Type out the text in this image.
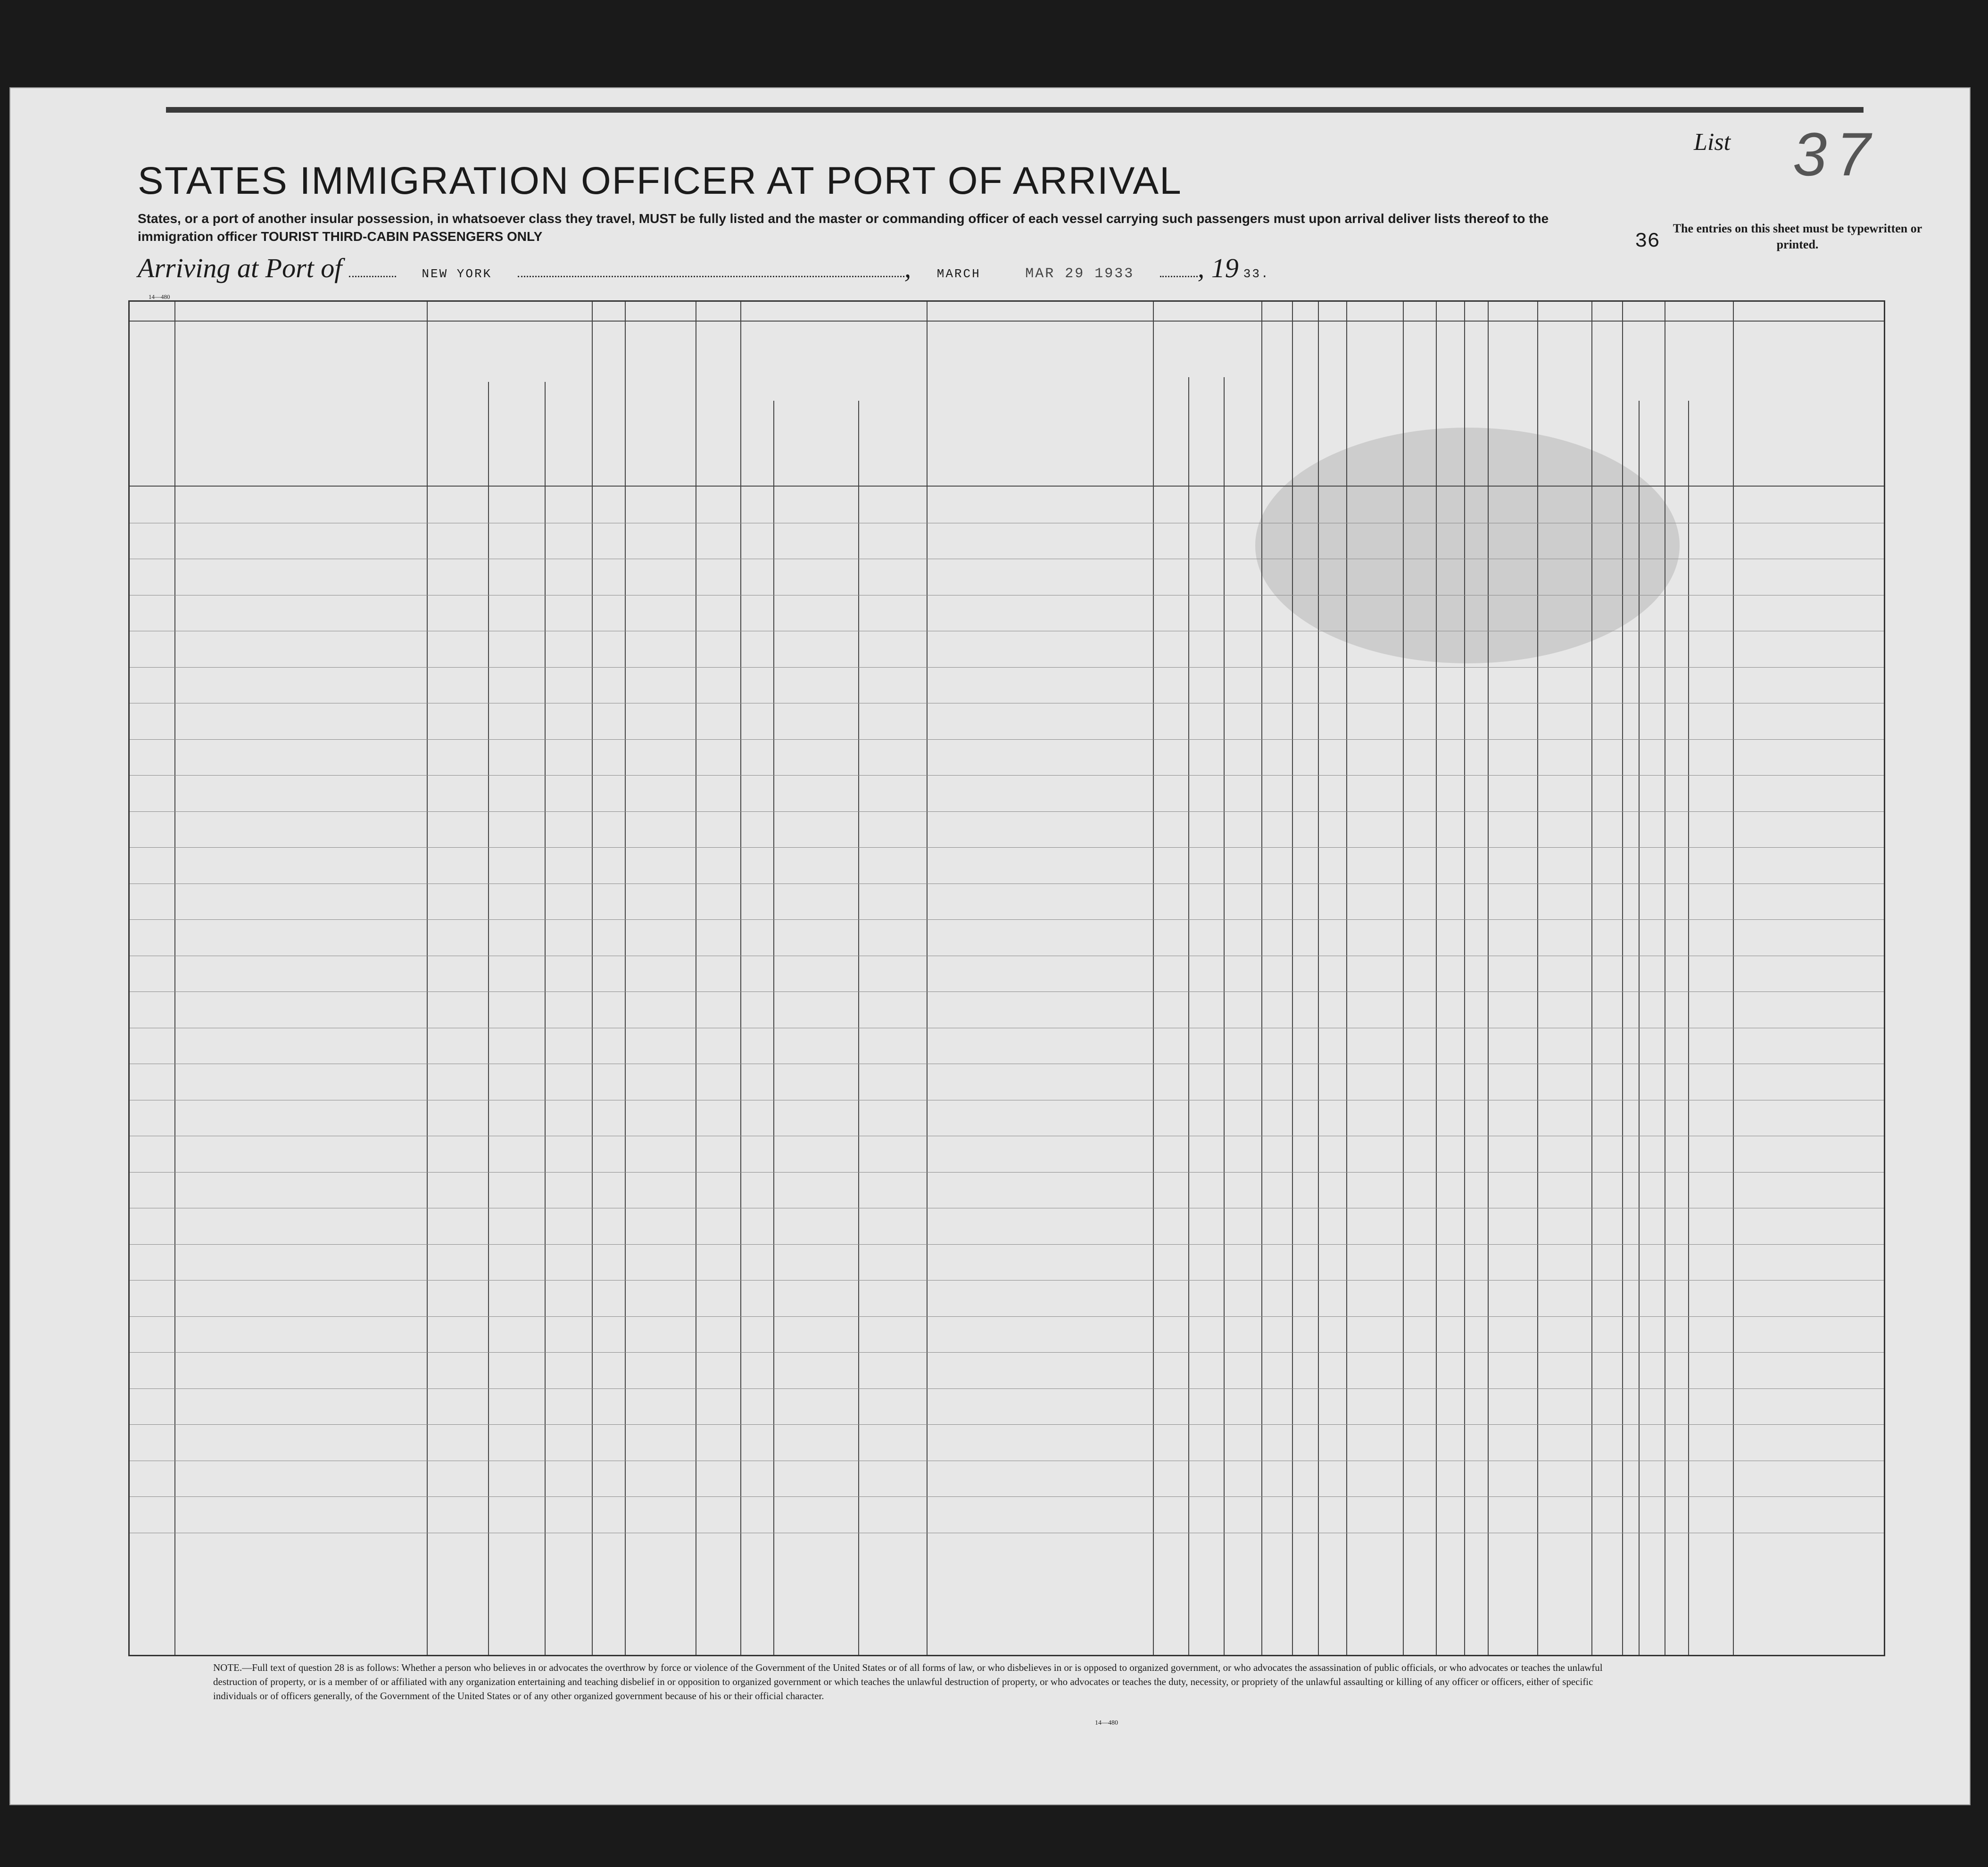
STATES IMMIGRATION OFFICER AT PORT OF ARRIVAL

States, or a port of another insular possession, in whatsoever class they travel, MUST be fully listed and the master or commanding officer of each vessel carrying such passengers must upon arrival deliver lists thereof to the immigration officer TOURIST THIRD-CABIN PASSENGERS ONLY

Arriving at Port of	NEW YORK	, MARCH	MAR 29 1933 , 19 33.
List 37

The entries on this sheet must be typewritten or printed.

36
14—480

NOTE.—Full text of question 28 is as follows: Whether a person who believes in or advocates the overthrow by force or violence of the Government of the United States or of all forms of law, or who disbelieves in or is opposed to organized government, or who advocates the assassination of public officials, or who advocates or teaches the unlawful destruction of property, or is a member of or affiliated with any organization entertaining and teaching disbelief in or opposition to organized government or which teaches the unlawful destruction of property, or who advocates or teaches the duty, necessity, or propriety of the unlawful assaulting or killing of any officer or officers, either of specific individuals or of officers generally, of the Government of the United States or of any other organized government because of his or their official character.

14—480
